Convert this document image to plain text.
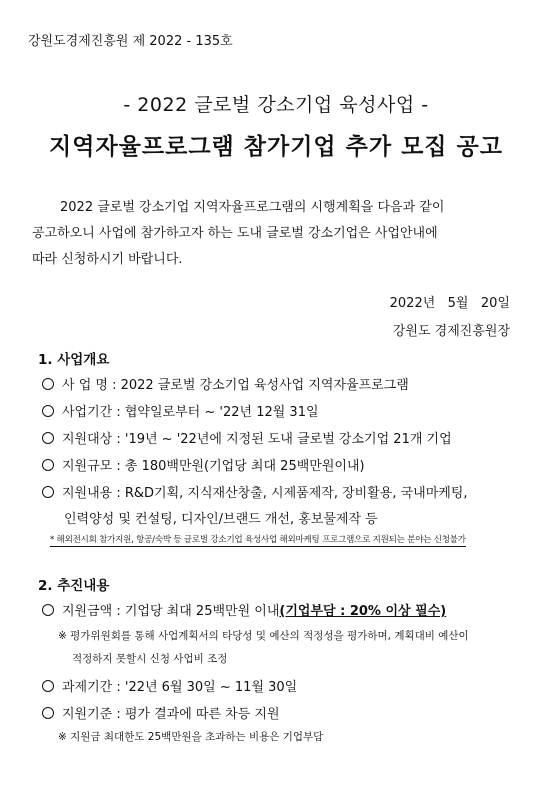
강원도경제진흥원 제 2022 - 135호
- 2022 글로벌 강소기업 육성사업 -
지역자율프로그램 참가기업 추가 모집 공고
2022 글로벌 강소기업 지역자율프로그램의 시행계획을 다음과 같이
공고하오니 사업에 참가하고자 하는 도내 글로벌 강소기업은 사업안내에
따라 신청하시기 바랍니다.
2022년   5월   20일
강원도 경제진흥원장
1. 사업개요
사 업 명 : 2022 글로벌 강소기업 육성사업 지역자율프로그램
사업기간 : 협약일로부터 ~ '22년 12월 31일
지원대상 : '19년 ~ '22년에 지정된 도내 글로벌 강소기업 21개 기업
지원규모 : 총 180백만원(기업당 최대 25백만원이내)
지원내용 : R&D기획, 지식재산창출, 시제품제작, 장비활용, 국내마케팅,
인력양성 및 컨설팅, 디자인/브랜드 개선, 홍보물제작 등
* 해외전시회 참가지원, 항공/숙박 등 글로벌 강소기업 육성사업 해외마케팅 프로그램으로 지원되는 분야는 신청불가
2. 추진내용
지원금액 : 기업당 최대 25백만원 이내(기업부담 : 20% 이상 필수)
※ 평가위원회를 통해 사업계획서의 타당성 및 예산의 적정성을 평가하며, 계획대비 예산이
적정하지 못할시 신청 사업비 조정
과제기간 : '22년 6월 30일 ~ 11월 30일
지원기준 : 평가 결과에 따른 차등 지원
※ 지원금 최대한도 25백만원을 초과하는 비용은 기업부담
